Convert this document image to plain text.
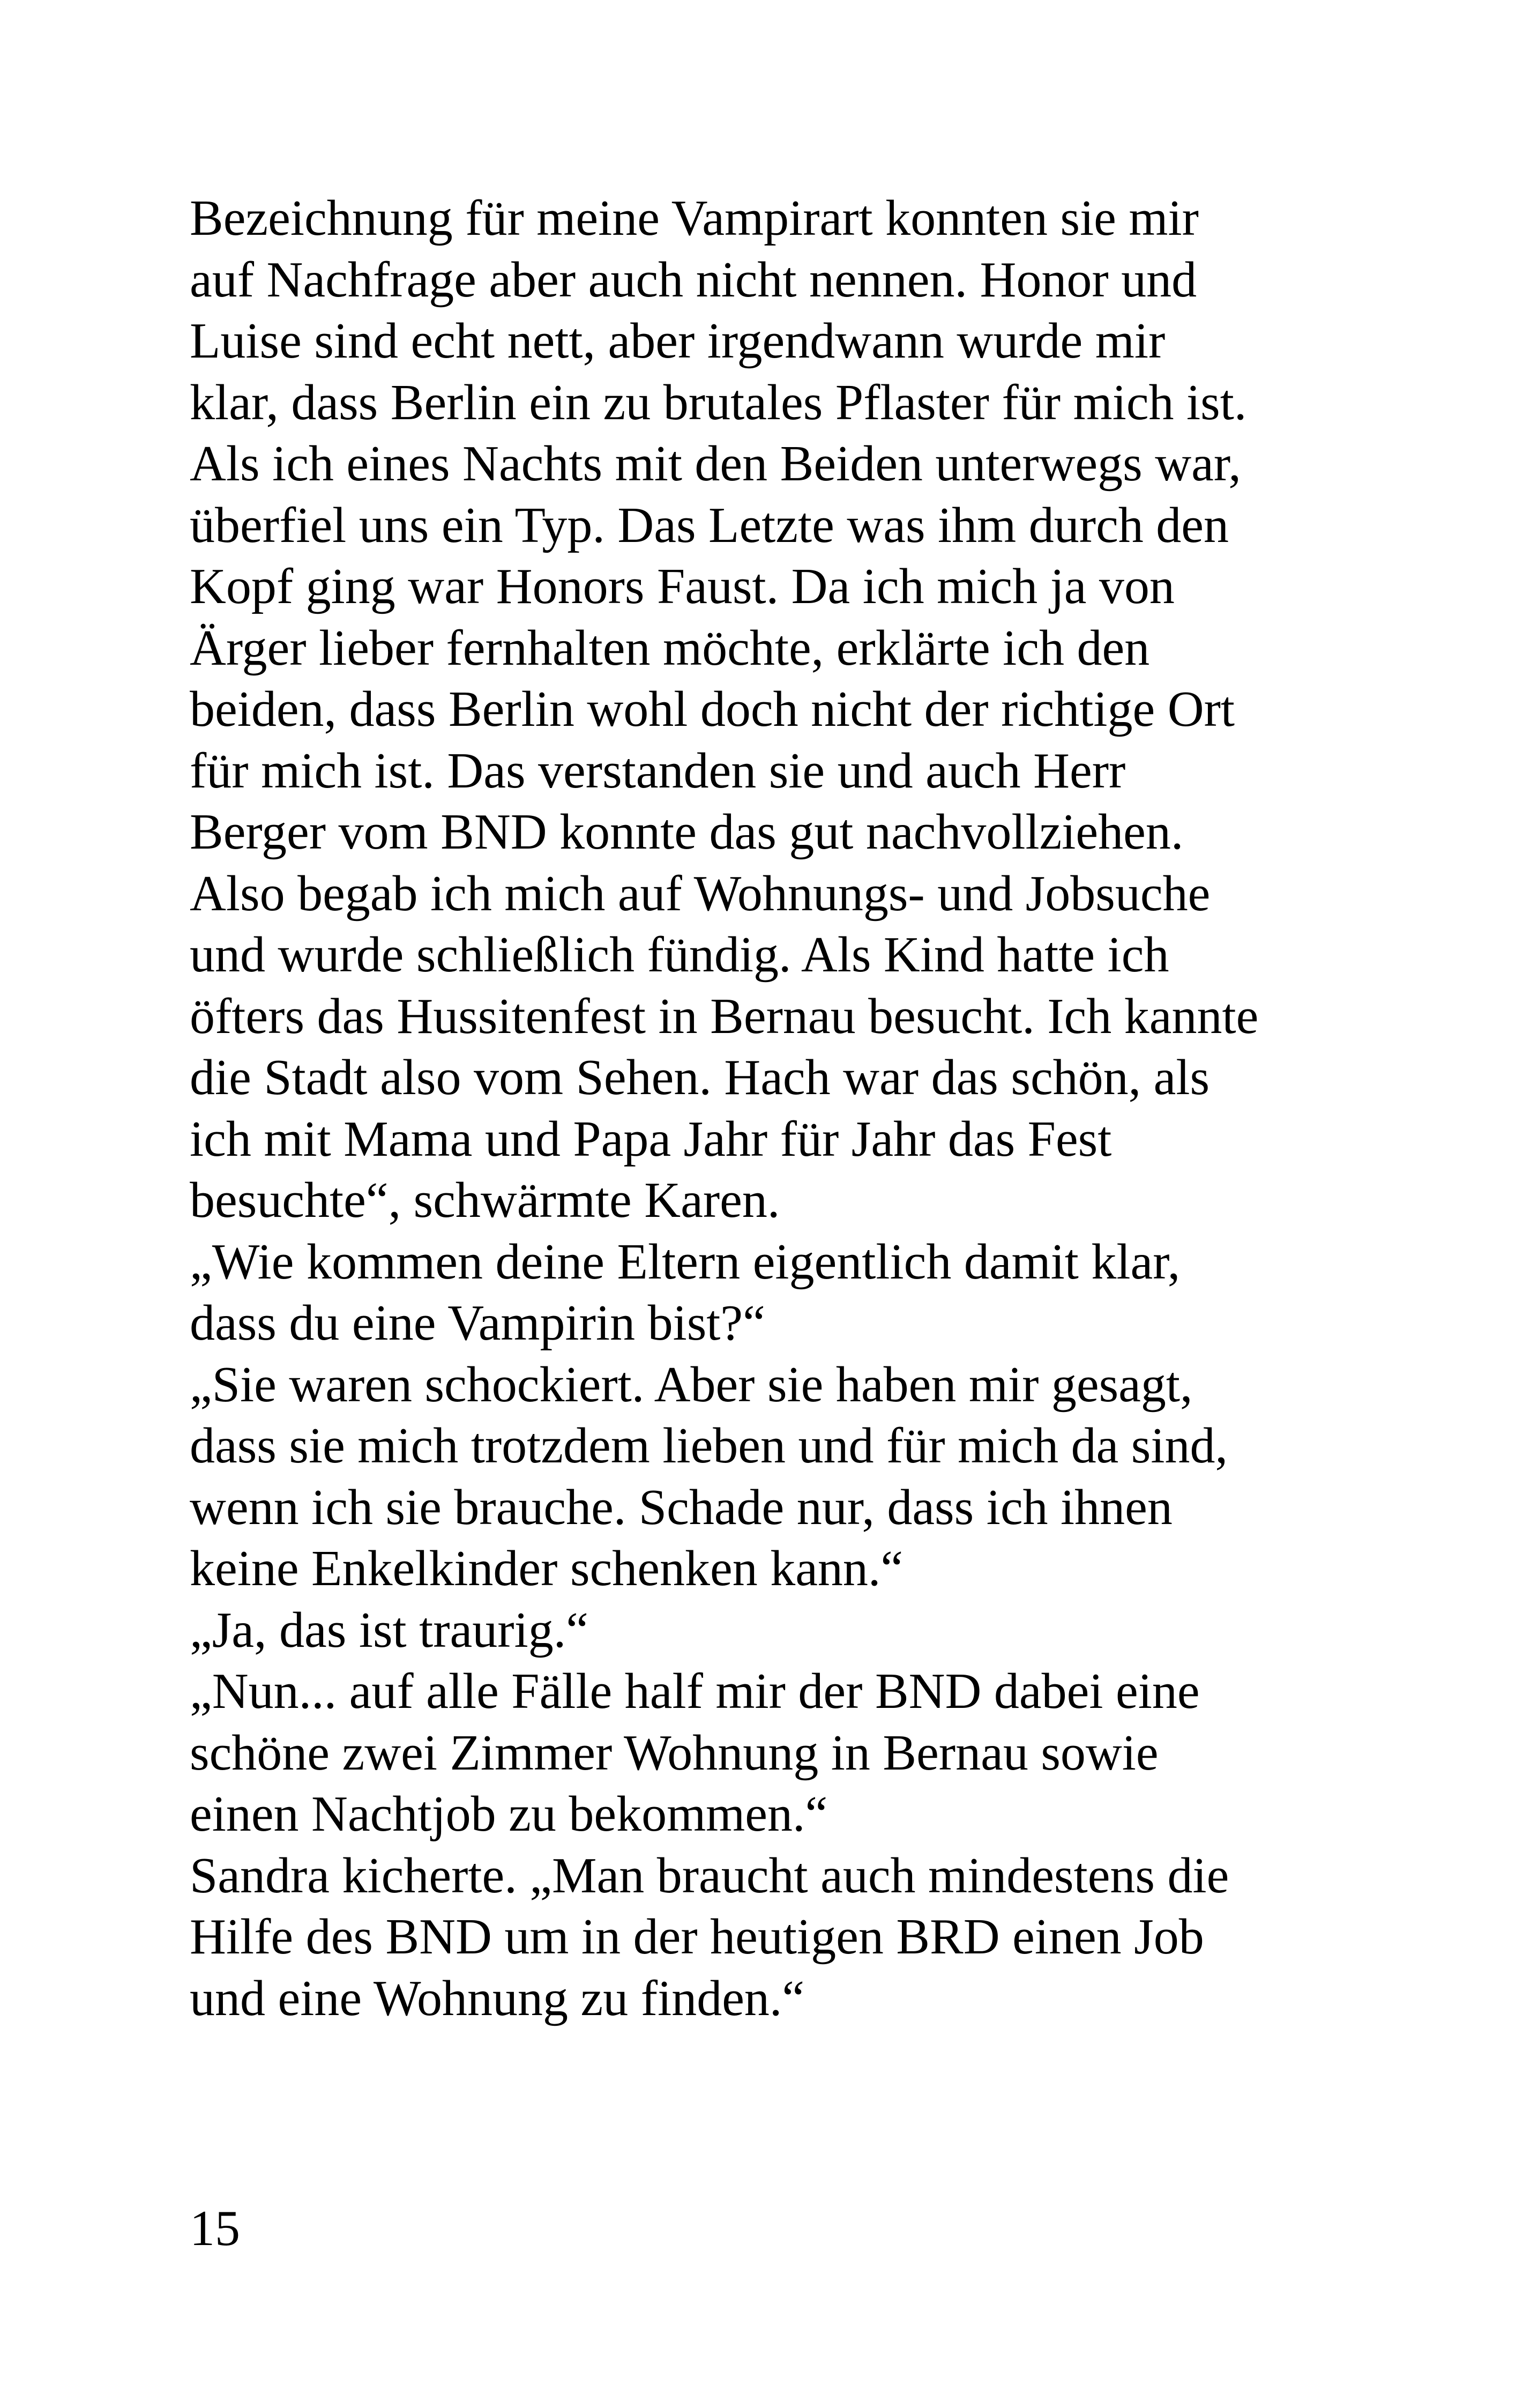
Bezeichnung für meine Vampirart konnten sie mir
auf Nachfrage aber auch nicht nennen. Honor und
Luise sind echt nett, aber irgendwann wurde mir
klar, dass Berlin ein zu brutales Pflaster für mich ist.
Als ich eines Nachts mit den Beiden unterwegs war,
überfiel uns ein Typ. Das Letzte was ihm durch den
Kopf ging war Honors Faust. Da ich mich ja von
Ärger lieber fernhalten möchte, erklärte ich den
beiden, dass Berlin wohl doch nicht der richtige Ort
für mich ist. Das verstanden sie und auch Herr
Berger vom BND konnte das gut nachvollziehen.
Also begab ich mich auf Wohnungs- und Jobsuche
und wurde schließlich fündig. Als Kind hatte ich
öfters das Hussitenfest in Bernau besucht. Ich kannte
die Stadt also vom Sehen. Hach war das schön, als
ich mit Mama und Papa Jahr für Jahr das Fest
besuchte“, schwärmte Karen.
„Wie kommen deine Eltern eigentlich damit klar,
dass du eine Vampirin bist?“
„Sie waren schockiert. Aber sie haben mir gesagt,
dass sie mich trotzdem lieben und für mich da sind,
wenn ich sie brauche. Schade nur, dass ich ihnen
keine Enkelkinder schenken kann.“
„Ja, das ist traurig.“
„Nun... auf alle Fälle half mir der BND dabei eine
schöne zwei Zimmer Wohnung in Bernau sowie
einen Nachtjob zu bekommen.“
Sandra kicherte. „Man braucht auch mindestens die
Hilfe des BND um in der heutigen BRD einen Job
und eine Wohnung zu finden.“
15
